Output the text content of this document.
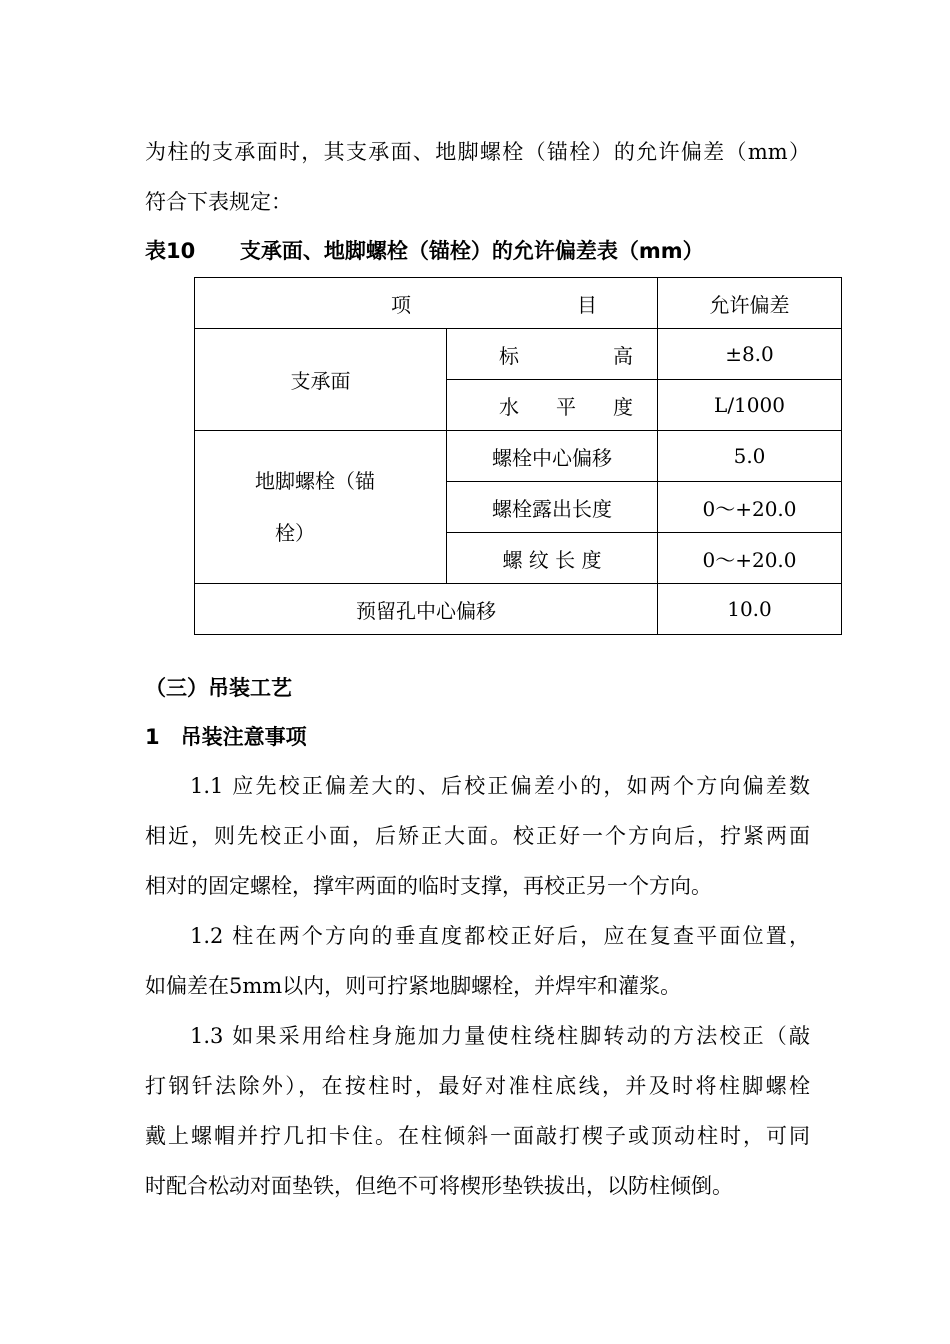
为柱的支承面时，其支承面、地脚螺栓（锚栓）的允许偏差（mm）
符合下表规定：
表10 支承面、地脚螺栓（锚栓）的允许偏差表（mm）
项 目		允许偏差
支承面	标 高	±8.0

	水 平 度	L/1000

地脚螺栓（锚
栓）	螺栓中心偏移	5.0
	螺栓露出长度	0～+20.0
	螺 纹 长 度	0～+20.0
预留孔中心偏移		10.0
（三）吊装工艺
1　吊装注意事项
1.1 应先校正偏差大的、后校正偏差小的，如两个方向偏差数
相近，则先校正小面，后矫正大面。校正好一个方向后，拧紧两面
相对的固定螺栓，撑牢两面的临时支撑，再校正另一个方向。
1.2 柱在两个方向的垂直度都校正好后，应在复查平面位置，
如偏差在5mm以内，则可拧紧地脚螺栓，并焊牢和灌浆。
1.3 如果采用给柱身施加力量使柱绕柱脚转动的方法校正（敲
打钢钎法除外），在按柱时，最好对准柱底线，并及时将柱脚螺栓
戴上螺帽并拧几扣卡住。在柱倾斜一面敲打楔子或顶动柱时，可同
时配合松动对面垫铁，但绝不可将楔形垫铁拔出，以防柱倾倒。
